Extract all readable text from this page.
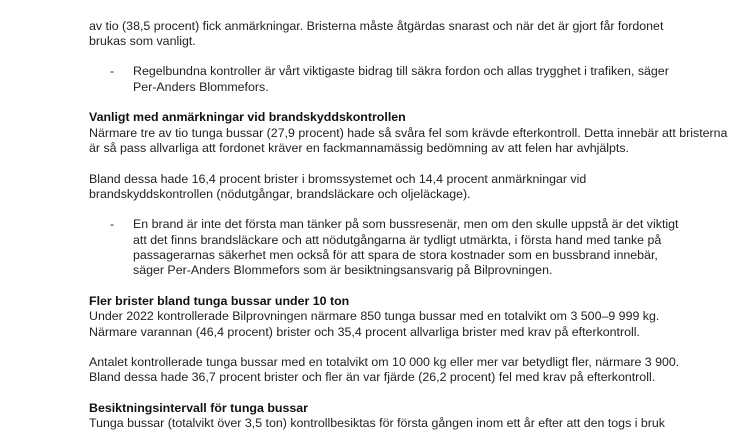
av tio (38,5 procent) fick anmärkningar. Bristerna måste åtgärdas snarast och när det är gjort får fordonet

brukas som vanligt.

- Regelbundna kontroller är vårt viktigaste bidrag till säkra fordon och allas trygghet i trafiken, säger

Per-Anders Blommefors.

Vanligt med anmärkningar vid brandskyddskontrollen

Närmare tre av tio tunga bussar (27,9 procent) hade så svåra fel som krävde efterkontroll. Detta innebär att bristerna

är så pass allvarliga att fordonet kräver en fackmannamässig bedömning av att felen har avhjälpts.

Bland dessa hade 16,4 procent brister i bromssystemet och 14,4 procent anmärkningar vid

brandskyddskontrollen (nödutgångar, brandsläckare och oljeläckage).

- En brand är inte det första man tänker på som bussresenär, men om den skulle uppstå är det viktigt

att det finns brandsläckare och att nödutgångarna är tydligt utmärkta, i första hand med tanke på

passagerarnas säkerhet men också för att spara de stora kostnader som en bussbrand innebär,

säger Per-Anders Blommefors som är besiktningsansvarig på Bilprovningen.

Fler brister bland tunga bussar under 10 ton

Under 2022 kontrollerade Bilprovningen närmare 850 tunga bussar med en totalvikt om 3 500–9 999 kg.

Närmare varannan (46,4 procent) brister och 35,4 procent allvarliga brister med krav på efterkontroll.

Antalet kontrollerade tunga bussar med en totalvikt om 10 000 kg eller mer var betydligt fler, närmare 3 900.

Bland dessa hade 36,7 procent brister och fler än var fjärde (26,2 procent) fel med krav på efterkontroll.

Besiktningsintervall för tunga bussar

Tunga bussar (totalvikt över 3,5 ton) kontrollbesiktas för första gången inom ett år efter att den togs i bruk
